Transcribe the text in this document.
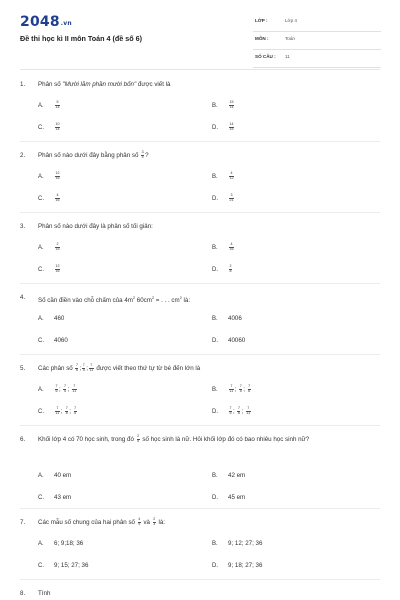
2048.vn
Đề thi học kì II môn Toán 4 (đề số 6)
LỚP :	Lớp 4
MÔN :	Toán
SỐ CÂU : 11
1. Phân số "Mười lăm phần mười bốn" được viết là
A.	$\frac{5}{14}$	B.	$\frac{15}{14}$
C.	$\frac{10}{14}$	D.	$\frac{14}{15}$
2. Phân số nào dưới đây bằng phân số $\frac{3}{4}$ ?
A.	$\frac{12}{16}$	B.	$\frac{4}{12}$
C.	$\frac{4}{16}$	D.	$\frac{3}{21}$
3. Phân số nào dưới đây là phân số tối giản:
A.	$\frac{2}{15}$	B.	$\frac{4}{16}$
C.	$\frac{12}{16}$	D.	$\frac{2}{8}$
4. Số cần điền vào chỗ chấm của $4m^2$ $60cm^2$ = . . . $cm^2$ là:
A. 460	B. 4006
C. 4060	D. 40060
5. Các phân số $\frac{7}{6}$ ; $\frac{7}{5}$ ; $\frac{7}{11}$ được viết theo thứ tự từ bé đến lớn là
A.	$\frac{7}{6}$ ; $\frac{7}{5}$ ; $\frac{7}{11}$	B.	$\frac{7}{11}$ ; $\frac{7}{5}$ ; $\frac{7}{6}$
C.	$\frac{7}{11}$ ; $\frac{7}{6}$ ; $\frac{7}{5}$	D.	$\frac{7}{5}$ ; $\frac{7}{6}$ ; $\frac{7}{11}$
6. Khối lớp 4 có 70 học sinh, trong đó $\frac{2}{5}$ số học sinh là nữ. Hỏi khối lớp đó có bao nhiêu học sinh nữ?
A. 40 em	B. 42 em
C. 43 em	D. 45 em
7. Các mẫu số chung của hai phân số $\frac{4}{9}$ và $\frac{2}{3}$ là:
A. 6; 9;18; 36	B. 9; 12; 27; 36
C. 9; 15; 27; 36	D. 9; 18; 27; 36
8. Tính
